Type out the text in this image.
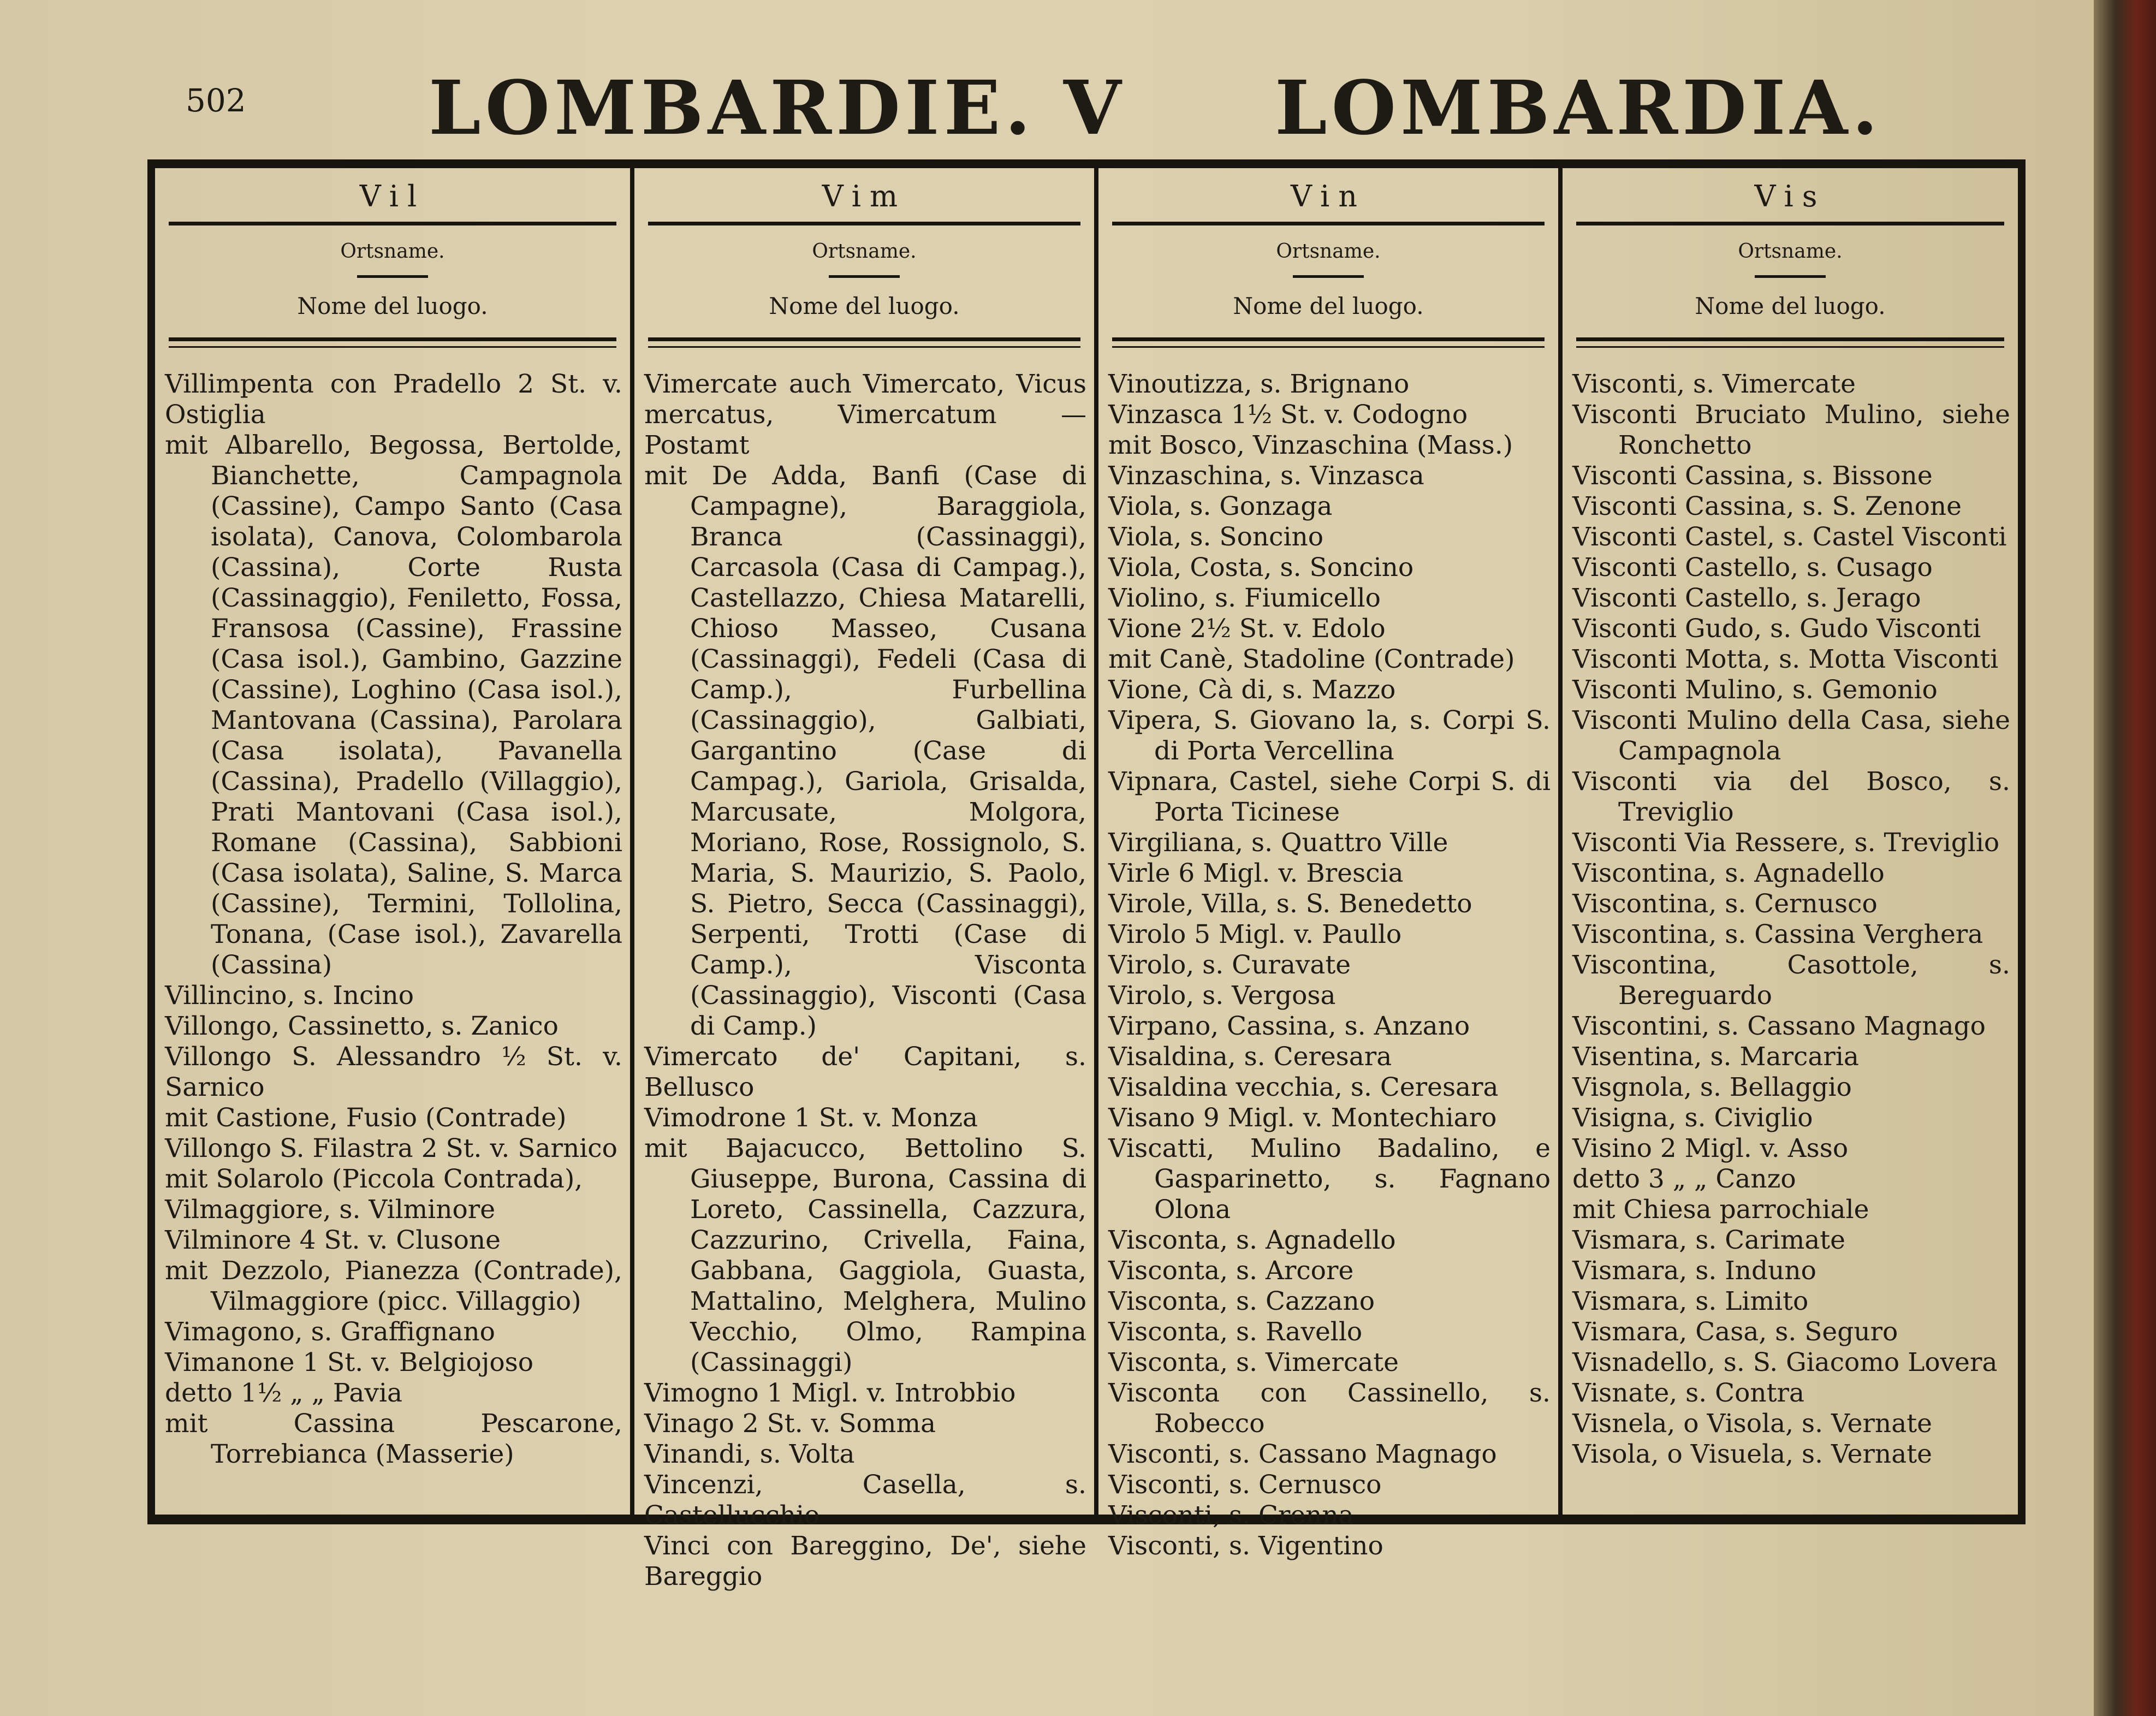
502 LOMBARDIE. V LOMBARDIA.
Vil
Ortsname.
Nome del luogo.
Villimpenta con Pradello 2 St. v. Ostiglia
mit Albarello, Begossa, Bertolde, Bianchette, Campagnola (Cassine), Campo Santo (Casa isolata), Canova, Colombarola (Cassina), Corte Rusta (Cassinaggio), Feniletto, Fossa, Fransosa (Cassine), Frassine (Casa isol.), Gambino, Gazzine (Cassine), Loghino (Casa isol.), Mantovana (Cassina), Parolara (Casa isolata), Pavanella (Cassina), Pradello (Villaggio), Prati Mantovani (Casa isol.), Romane (Cassina), Sabbioni (Casa isolata), Saline, S. Marca (Cassine), Termini, Tollolina, Tonana, (Case isol.), Zavarella (Cassina)
Villincino, s. Incino
Villongo, Cassinetto, s. Zanico
Villongo S. Alessandro ½ St. v. Sarnico
mit Castione, Fusio (Contrade)
Villongo S. Filastra 2 St. v. Sarnico
mit Solarolo (Piccola Contrada),
Vilmaggiore, s. Vilminore
Vilminore 4 St. v. Clusone
mit Dezzolo, Pianezza (Contrade), Vilmaggiore (picc. Villaggio)
Vimagono, s. Graffignano
Vimanone 1 St. v. Belgiojoso
detto 1½ „ „ Pavia
mit Cassina Pescarone, Torrebianca (Masserie)
Vim
Ortsname.
Nome del luogo.
Vimercate auch Vimercato, Vicus mercatus, Vimercatum — Postamt
mit De Adda, Banfi (Case di Campagne), Baraggiola, Branca (Cassinaggi), Carcasola (Casa di Campag.), Castellazzo, Chiesa Matarelli, Chioso Masseo, Cusana (Cassinaggi), Fedeli (Casa di Camp.), Furbellina (Cassinaggio), Galbiati, Gargantino (Case di Campag.), Gariola, Grisalda, Marcusate, Molgora, Moriano, Rose, Rossignolo, S. Maria, S. Maurizio, S. Paolo, S. Pietro, Secca (Cassinaggi), Serpenti, Trotti (Case di Camp.), Visconta (Cassinaggio), Visconti (Casa di Camp.)
Vimercato de' Capitani, s. Bellusco
Vimodrone 1 St. v. Monza
mit Bajacucco, Bettolino S. Giuseppe, Burona, Cassina di Loreto, Cassinella, Cazzura, Cazzurino, Crivella, Faina, Gabbana, Gaggiola, Guasta, Mattalino, Melghera, Mulino Vecchio, Olmo, Rampina (Cassinaggi)
Vimogno 1 Migl. v. Introbbio
Vinago 2 St. v. Somma
Vinandi, s. Volta
Vincenzi, Casella, s. Castellucchio
Vinci con Bareggino, De', siehe Bareggio
Vin
Ortsname.
Nome del luogo.
Vinoutizza, s. Brignano
Vinzasca 1½ St. v. Codogno
mit Bosco, Vinzaschina (Mass.)
Vinzaschina, s. Vinzasca
Viola, s. Gonzaga
Viola, s. Soncino
Viola, Costa, s. Soncino
Violino, s. Fiumicello
Vione 2½ St. v. Edolo
mit Canè, Stadoline (Contrade)
Vione, Cà di, s. Mazzo
Vipera, S. Giovano la, s. Corpi S. di Porta Vercellina
Vipnara, Castel, siehe Corpi S. di Porta Ticinese
Virgiliana, s. Quattro Ville
Virle 6 Migl. v. Brescia
Virole, Villa, s. S. Benedetto
Virolo 5 Migl. v. Paullo
Virolo, s. Curavate
Virolo, s. Vergosa
Virpano, Cassina, s. Anzano
Visaldina, s. Ceresara
Visaldina vecchia, s. Ceresara
Visano 9 Migl. v. Montechiaro
Viscatti, Mulino Badalino, e Gasparinetto, s. Fagnano Olona
Visconta, s. Agnadello
Visconta, s. Arcore
Visconta, s. Cazzano
Visconta, s. Ravello
Visconta, s. Vimercate
Visconta con Cassinello, s. Robecco
Visconti, s. Cassano Magnago
Visconti, s. Cernusco
Visconti, s. Crenna
Visconti, s. Vigentino
Vis
Ortsname.
Nome del luogo.
Visconti, s. Vimercate
Visconti Bruciato Mulino, siehe Ronchetto
Visconti Cassina, s. Bissone
Visconti Cassina, s. S. Zenone
Visconti Castel, s. Castel Visconti
Visconti Castello, s. Cusago
Visconti Castello, s. Jerago
Visconti Gudo, s. Gudo Visconti
Visconti Motta, s. Motta Visconti
Visconti Mulino, s. Gemonio
Visconti Mulino della Casa, siehe Campagnola
Visconti via del Bosco, s. Treviglio
Visconti Via Ressere, s. Treviglio
Viscontina, s. Agnadello
Viscontina, s. Cernusco
Viscontina, s. Cassina Verghera
Viscontina, Casottole, s. Bereguardo
Viscontini, s. Cassano Magnago
Visentina, s. Marcaria
Visgnola, s. Bellaggio
Visigna, s. Civiglio
Visino 2 Migl. v. Asso
detto 3 „ „ Canzo
mit Chiesa parrochiale
Vismara, s. Carimate
Vismara, s. Induno
Vismara, s. Limito
Vismara, Casa, s. Seguro
Visnadello, s. S. Giacomo Lovera
Visnate, s. Contra
Visnela, o Visola, s. Vernate
Visola, o Visuela, s. Vernate
